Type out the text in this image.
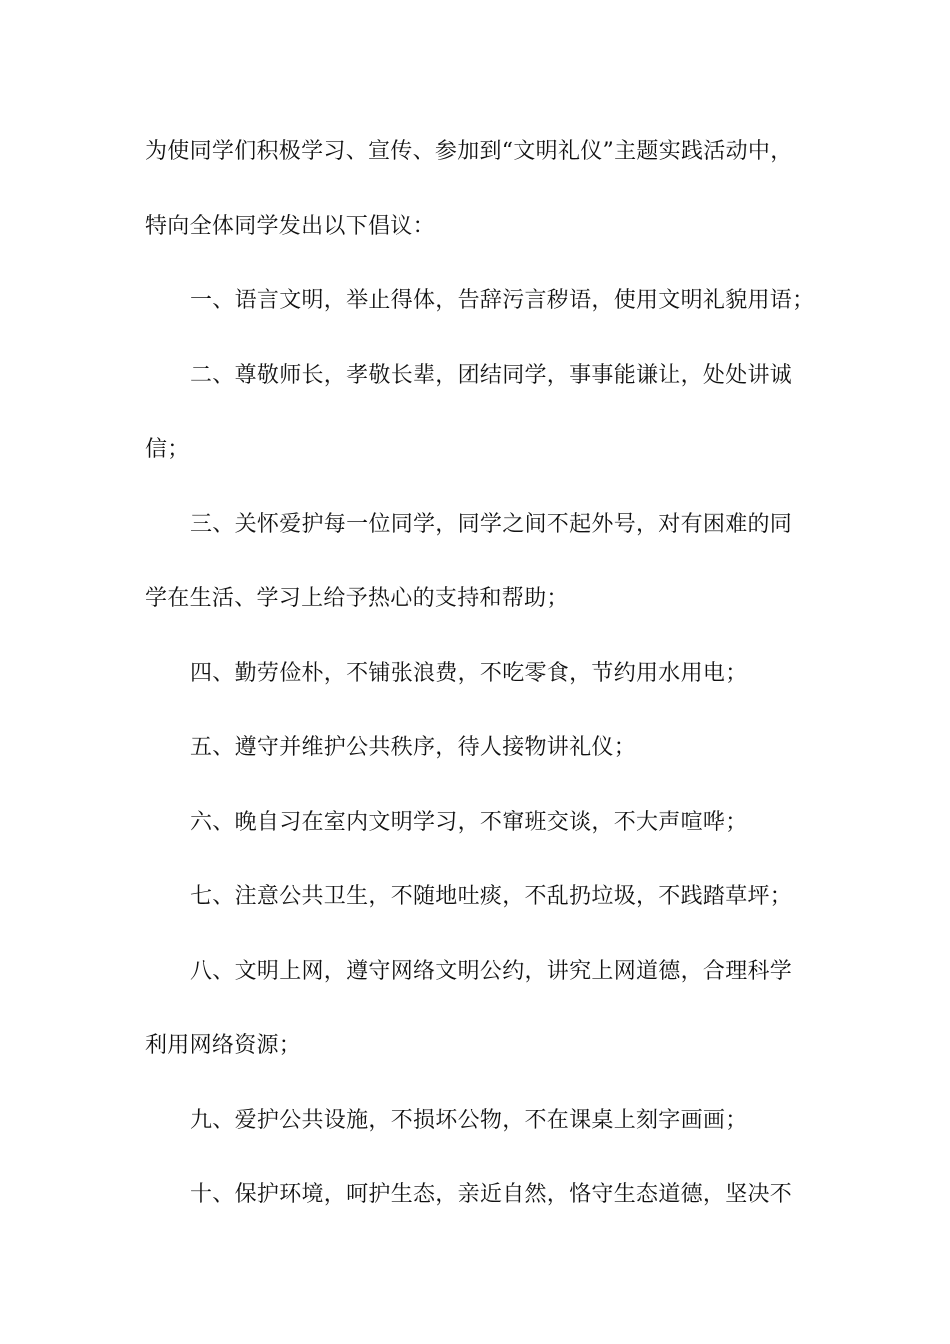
为使同学们积极学习、宣传、参加到“文明礼仪”主题实践活动中，
特向全体同学发出以下倡议：
一、语言文明，举止得体，告辞污言秽语，使用文明礼貌用语；
二、尊敬师长，孝敬长辈，团结同学，事事能谦让，处处讲诚
信；
三、关怀爱护每一位同学，同学之间不起外号，对有困难的同
学在生活、学习上给予热心的支持和帮助；
四、勤劳俭朴，不铺张浪费，不吃零食，节约用水用电；
五、遵守并维护公共秩序，待人接物讲礼仪；
六、晚自习在室内文明学习，不窜班交谈，不大声喧哗；
七、注意公共卫生，不随地吐痰，不乱扔垃圾，不践踏草坪；
八、文明上网，遵守网络文明公约，讲究上网道德，合理科学
利用网络资源；
九、爱护公共设施，不损坏公物，不在课桌上刻字画画；
十、保护环境，呵护生态，亲近自然，恪守生态道德，坚决不
